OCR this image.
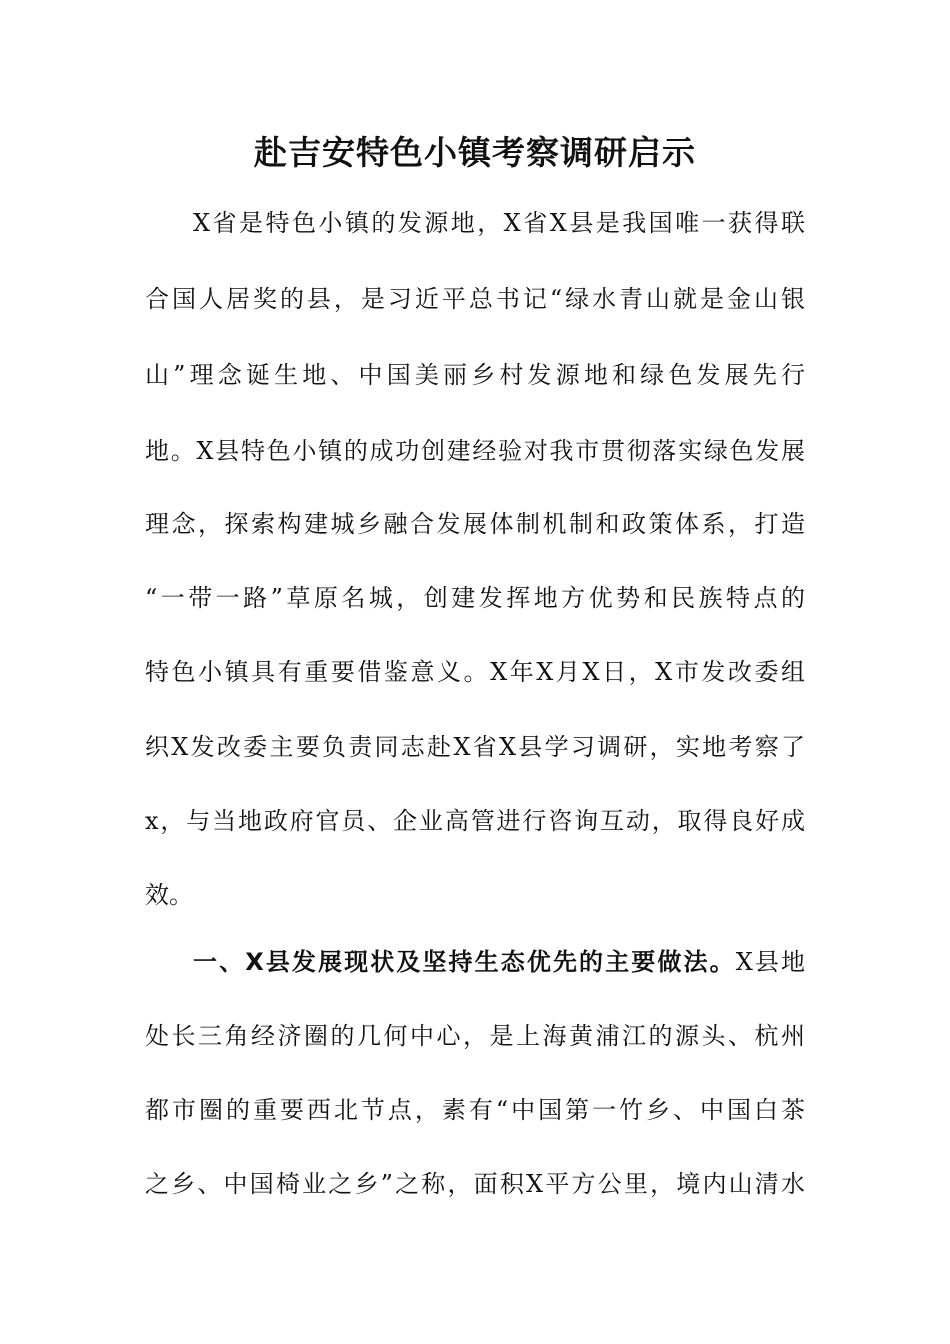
赴吉安特色小镇考察调研启示

X省是特色小镇的发源地，X省X县是我国唯一获得联

合国人居奖的县，是习近平总书记“绿水青山就是金山银

山”理念诞生地、中国美丽乡村发源地和绿色发展先行

地。X县特色小镇的成功创建经验对我市贯彻落实绿色发展

理念，探索构建城乡融合发展体制机制和政策体系，打造

“一带一路”草原名城，创建发挥地方优势和民族特点的

特色小镇具有重要借鉴意义。X年X月X日，X市发改委组

织X发改委主要负责同志赴X省X县学习调研，实地考察了

x，与当地政府官员、企业高管进行咨询互动，取得良好成

效。

一、X县发展现状及坚持生态优先的主要做法。X县地

处长三角经济圈的几何中心，是上海黄浦江的源头、杭州

都市圈的重要西北节点，素有“中国第一竹乡、中国白茶

之乡、中国椅业之乡”之称，面积X平方公里，境内山清水
